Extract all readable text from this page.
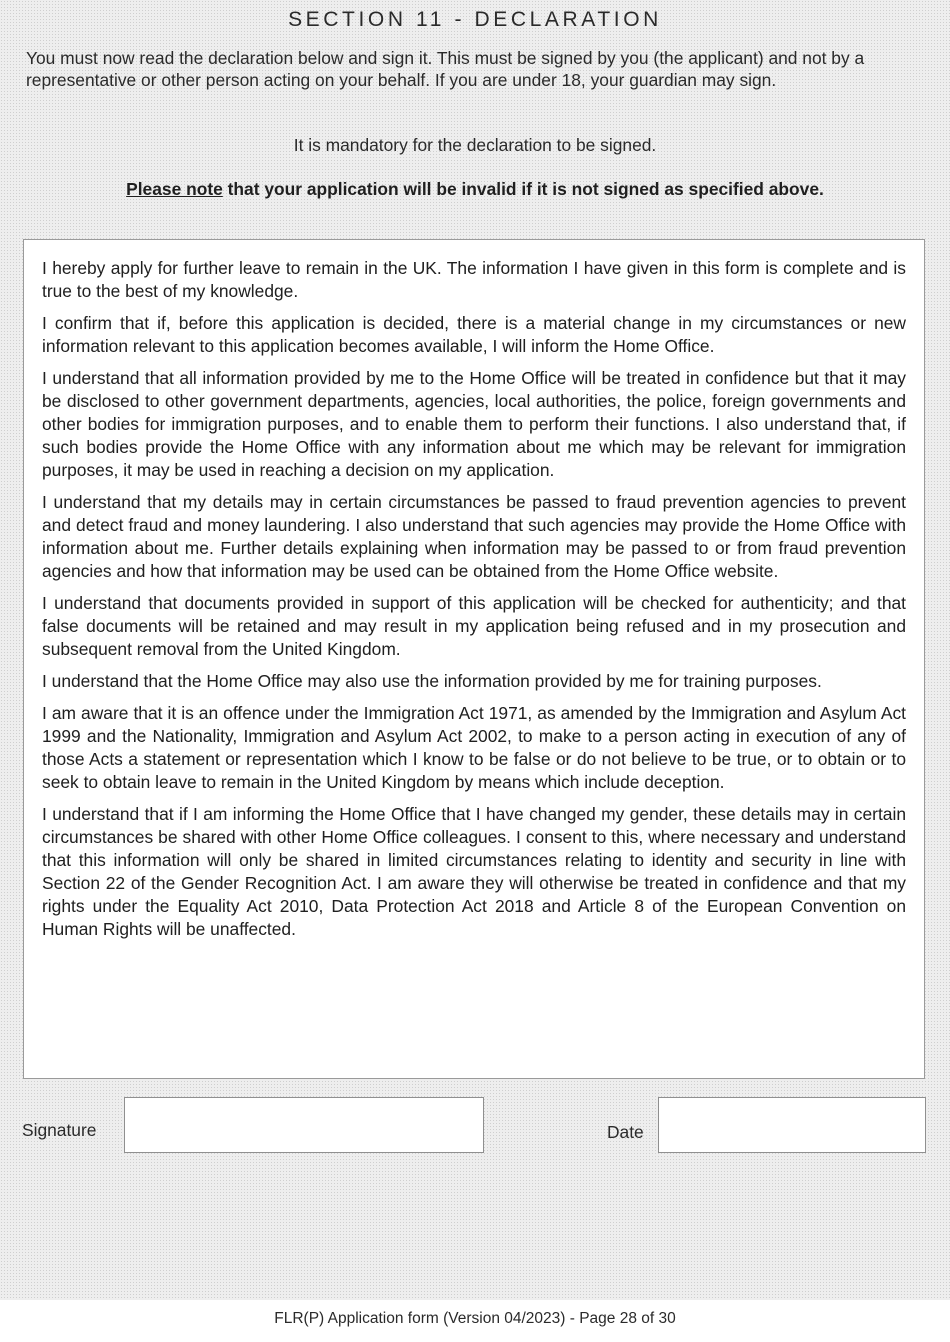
SECTION 11 - DECLARATION
You must now read the declaration below and sign it. This must be signed by you (the applicant) and not by a representative or other person acting on your behalf. If you are under 18, your guardian may sign.
It is mandatory for the declaration to be signed.
Please note that your application will be invalid if it is not signed as specified above.

I hereby apply for further leave to remain in the UK. The information I have given in this form is complete and is true to the best of my knowledge.

I confirm that if, before this application is decided, there is a material change in my circumstances or new information relevant to this application becomes available, I will inform the Home Office.

I understand that all information provided by me to the Home Office will be treated in confidence but that it may be disclosed to other government departments, agencies, local authorities, the police, foreign governments and other bodies for immigration purposes, and to enable them to perform their functions. I also understand that, if such bodies provide the Home Office with any information about me which may be relevant for immigration purposes, it may be used in reaching a decision on my application.

I understand that my details may in certain circumstances be passed to fraud prevention agencies to prevent and detect fraud and money laundering. I also understand that such agencies may provide the Home Office with information about me. Further details explaining when information may be passed to or from fraud prevention agencies and how that information may be used can be obtained from the Home Office website.

I understand that documents provided in support of this application will be checked for authenticity; and that false documents will be retained and may result in my application being refused and in my prosecution and subsequent removal from the United Kingdom.

I understand that the Home Office may also use the information provided by me for training purposes.

I am aware that it is an offence under the Immigration Act 1971, as amended by the Immigration and Asylum Act 1999 and the Nationality, Immigration and Asylum Act 2002, to make to a person acting in execution of any of those Acts a statement or representation which I know to be false or do not believe to be true, or to obtain or to seek to obtain leave to remain in the United Kingdom by means which include deception.

I understand that if I am informing the Home Office that I have changed my gender, these details may in certain circumstances be shared with other Home Office colleagues. I consent to this, where necessary and understand that this information will only be shared in limited circumstances relating to identity and security in line with Section 22 of the Gender Recognition Act. I am aware they will otherwise be treated in confidence and that my rights under the Equality Act 2010, Data Protection Act 2018 and Article 8 of the European Convention on Human Rights will be unaffected.

Signature	Date
FLR(P) Application form (Version 04/2023) - Page 28 of 30
